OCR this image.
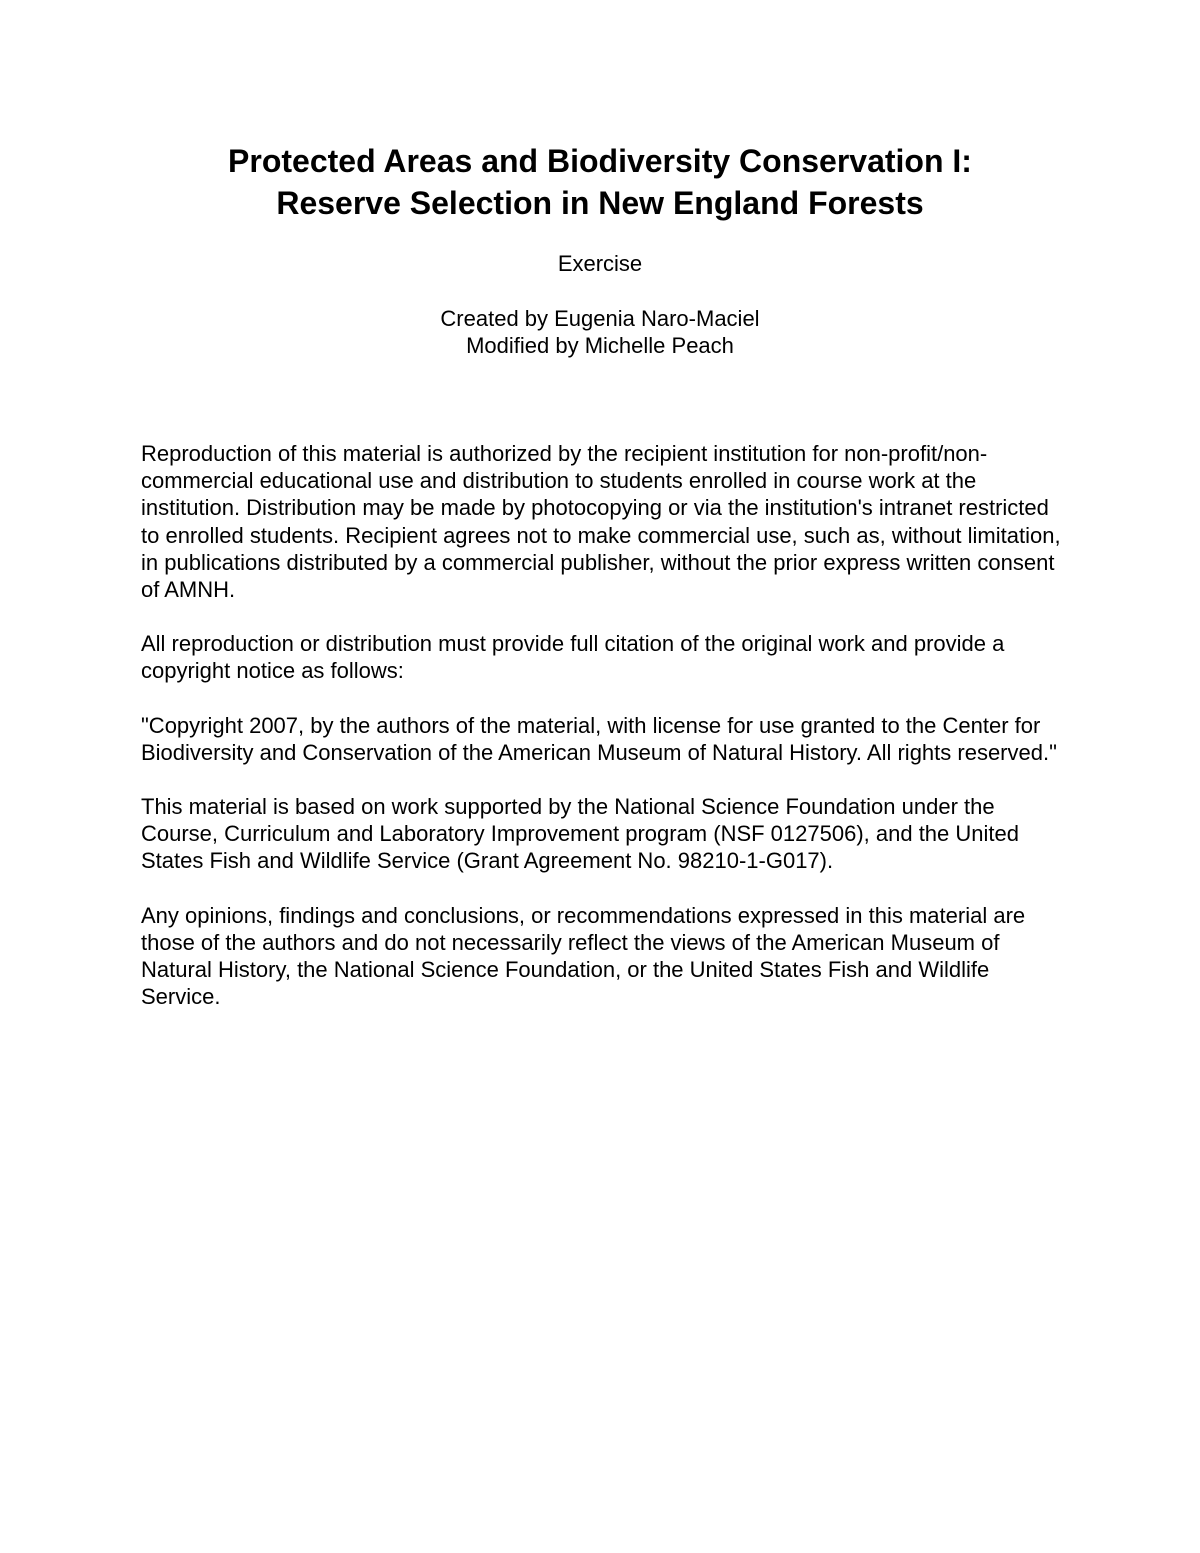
Protected Areas and Biodiversity Conservation I:

Reserve Selection in New England Forests

Exercise

Created by Eugenia Naro-Maciel

Modified by Michelle Peach

Reproduction of this material is authorized by the recipient institution for non-profit/non-commercial educational use and distribution to students enrolled in course work at the institution. Distribution may be made by photocopying or via the institution's intranet restricted to enrolled students. Recipient agrees not to make commercial use, such as, without limitation, in publications distributed by a commercial publisher, without the prior express written consent of AMNH.

All reproduction or distribution must provide full citation of the original work and provide a copyright notice as follows:

"Copyright 2007, by the authors of the material, with license for use granted to the Center for Biodiversity and Conservation of the American Museum of Natural History. All rights reserved."

This material is based on work supported by the National Science Foundation under the Course, Curriculum and Laboratory Improvement program (NSF 0127506), and the United States Fish and Wildlife Service (Grant Agreement No. 98210-1-G017).

Any opinions, findings and conclusions, or recommendations expressed in this material are those of the authors and do not necessarily reflect the views of the American Museum of Natural History, the National Science Foundation, or the United States Fish and Wildlife Service.
